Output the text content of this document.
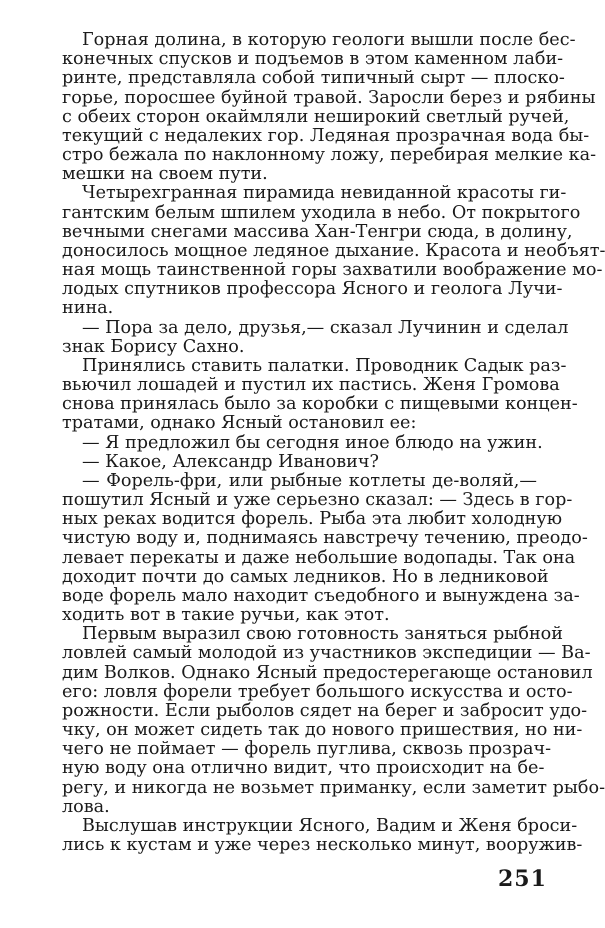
Горная долина, в которую геологи вышли после бес-
конечных спусков и подъемов в этом каменном лаби-
ринте, представляла собой типичный сырт — плоско-
горье, поросшее буйной травой. Заросли берез и рябины
с обеих сторон окаймляли неширокий светлый ручей,
текущий с недалеких гор. Ледяная прозрачная вода бы-
стро бежала по наклонному ложу, перебирая мелкие ка-
мешки на своем пути.
Четырехгранная пирамида невиданной красоты ги-
гантским белым шпилем уходила в небо. От покрытого
вечными снегами массива Хан-Тенгри сюда, в долину,
доносилось мощное ледяное дыхание. Красота и необъят-
ная мощь таинственной горы захватили воображение мо-
лодых спутников профессора Ясного и геолога Лучи-
нина.
— Пора за дело, друзья,— сказал Лучинин и сделал
знак Борису Сахно.
Принялись ставить палатки. Проводник Садык раз-
вьючил лошадей и пустил их пастись. Женя Громова
снова принялась было за коробки с пищевыми концен-
тратами, однако Ясный остановил ее:
— Я предложил бы сегодня иное блюдо на ужин.
— Какое, Александр Иванович?
— Форель-фри, или рыбные котлеты де-воляй,—
пошутил Ясный и уже серьезно сказал: — Здесь в гор-
ных реках водится форель. Рыба эта любит холодную
чистую воду и, поднимаясь навстречу течению, преодо-
левает перекаты и даже небольшие водопады. Так она
доходит почти до самых ледников. Но в ледниковой
воде форель мало находит съедобного и вынуждена за-
ходить вот в такие ручьи, как этот.
Первым выразил свою готовность заняться рыбной
ловлей самый молодой из участников экспедиции — Ва-
дим Волков. Однако Ясный предостерегающе остановил
его: ловля форели требует большого искусства и осто-
рожности. Если рыболов сядет на берег и забросит удо-
чку, он может сидеть так до нового пришествия, но ни-
чего не поймает — форель пуглива, сквозь прозрач-
ную воду она отлично видит, что происходит на бе-
регу, и никогда не возьмет приманку, если заметит рыбо-
лова.
Выслушав инструкции Ясного, Вадим и Женя броси-
лись к кустам и уже через несколько минут, вооружив-
251
